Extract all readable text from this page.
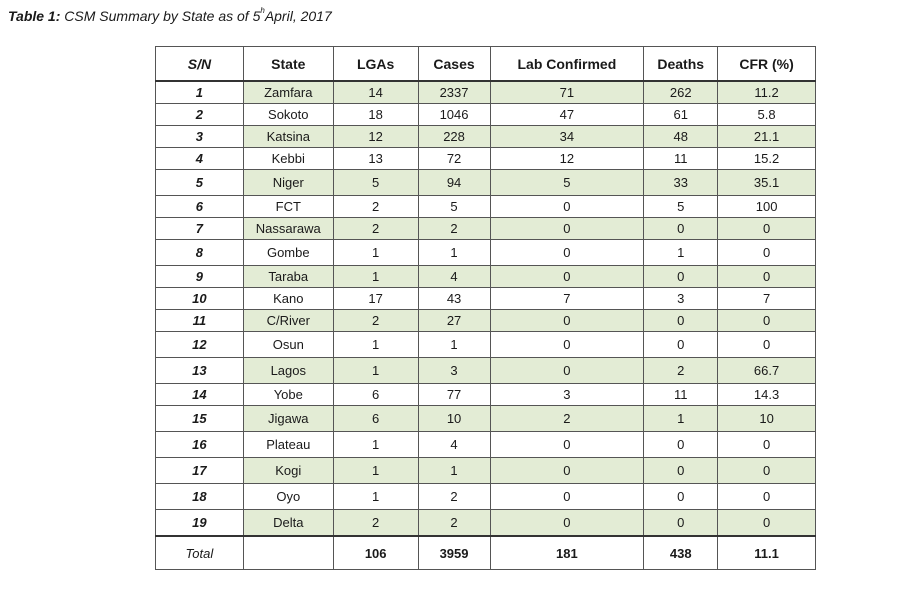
Table 1: CSM Summary by State as of 5$^h$April, 2017
S/N	State	LGAs	Cases	Lab Confirmed	Deaths	CFR (%)
1	Zamfara	14	2337	71	262	11.2
2	Sokoto	18	1046	47	61	5.8
3	Katsina	12	228	34	48	21.1
4	Kebbi	13	72	12	11	15.2
5	Niger	5	94	5	33	35.1
6	FCT	2	5	0	5	100
7	Nassarawa	2	2	0	0	0
8	Gombe	1	1	0	1	0
9	Taraba	1	4	0	0	0
10	Kano	17	43	7	3	7
11	C/River	2	27	0	0	0
12	Osun	1	1	0	0	0
13	Lagos	1	3	0	2	66.7
14	Yobe	6	77	3	11	14.3
15	Jigawa	6	10	2	1	10
16	Plateau	1	4	0	0	0
17	Kogi	1	1	0	0	0
18	Oyo	1	2	0	0	0
19	Delta	2	2	0	0	0
Total		106	3959	181	438	11.1
